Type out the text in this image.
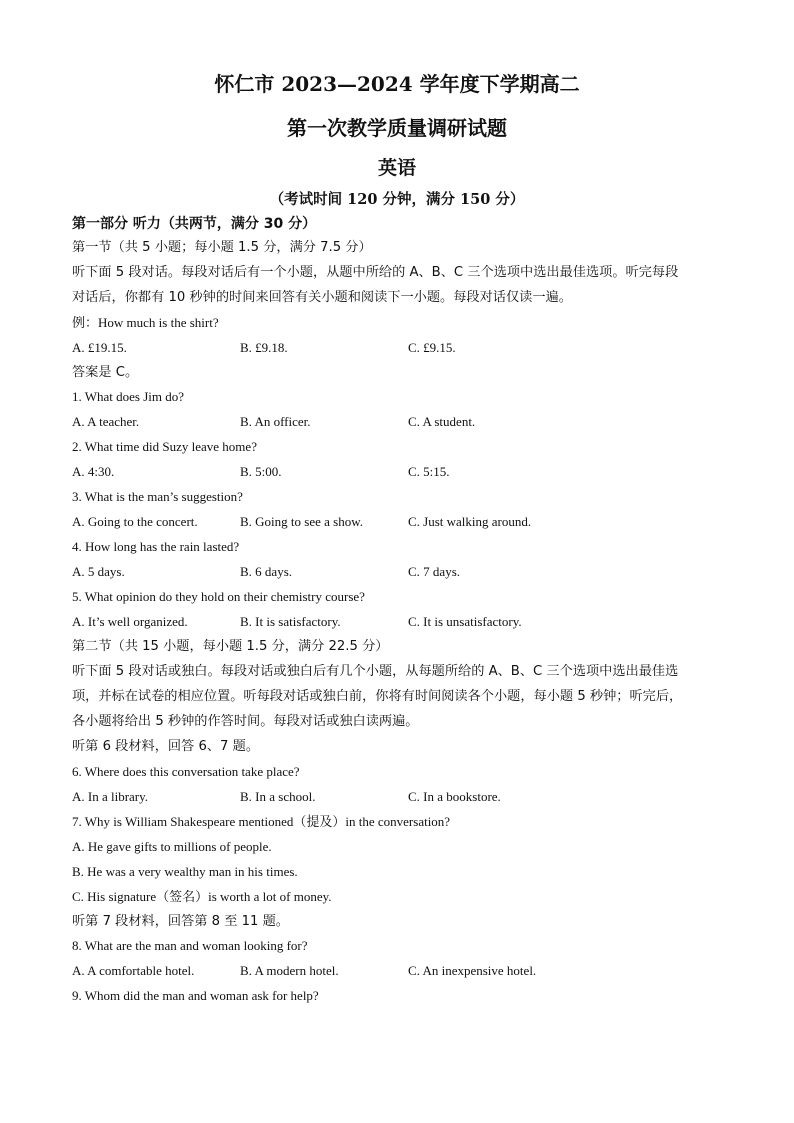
怀仁市 2023—2024 学年度下学期高二
第一次教学质量调研试题
英语
（考试时间 120 分钟，满分 150 分）
第一部分 听力（共两节，满分 30 分）
第一节（共 5 小题；每小题 1.5 分，满分 7.5 分）
听下面 5 段对话。每段对话后有一个小题，从题中所给的 A、B、C 三个选项中选出最佳选项。听完每段
对话后，你都有 10 秒钟的时间来回答有关小题和阅读下一小题。每段对话仅读一遍。
例：How much is the shirt?
A. £19.15.	B. £9.18.	C. £9.15.
答案是 C。
1. What does Jim do?
A. A teacher.	B. An officer.	C. A student.
2. What time did Suzy leave home?
A. 4:30.	B. 5:00.	C. 5:15.
3. What is the man’s suggestion?
A. Going to the concert.	B. Going to see a show.	C. Just walking around.
4. How long has the rain lasted?
A. 5 days.	B. 6 days.	C. 7 days.
5. What opinion do they hold on their chemistry course?
A. It’s well organized.	B. It is satisfactory.	C. It is unsatisfactory.
第二节（共 15 小题，每小题 1.5 分，满分 22.5 分）
听下面 5 段对话或独白。每段对话或独白后有几个小题，从每题所给的 A、B、C 三个选项中选出最佳选
项，并标在试卷的相应位置。听每段对话或独白前，你将有时间阅读各个小题，每小题 5 秒钟；听完后，
各小题将给出 5 秒钟的作答时间。每段对话或独白读两遍。
听第 6 段材料，回答 6、7 题。
6. Where does this conversation take place?
A. In a library.	B. In a school.	C. In a bookstore.
7. Why is William Shakespeare mentioned（提及）in the conversation?
A. He gave gifts to millions of people.
B. He was a very wealthy man in his times.
C. His signature（签名）is worth a lot of money.
听第 7 段材料，回答第 8 至 11 题。
8. What are the man and woman looking for?
A. A comfortable hotel.	B. A modern hotel.	C. An inexpensive hotel.
9. Whom did the man and woman ask for help?
